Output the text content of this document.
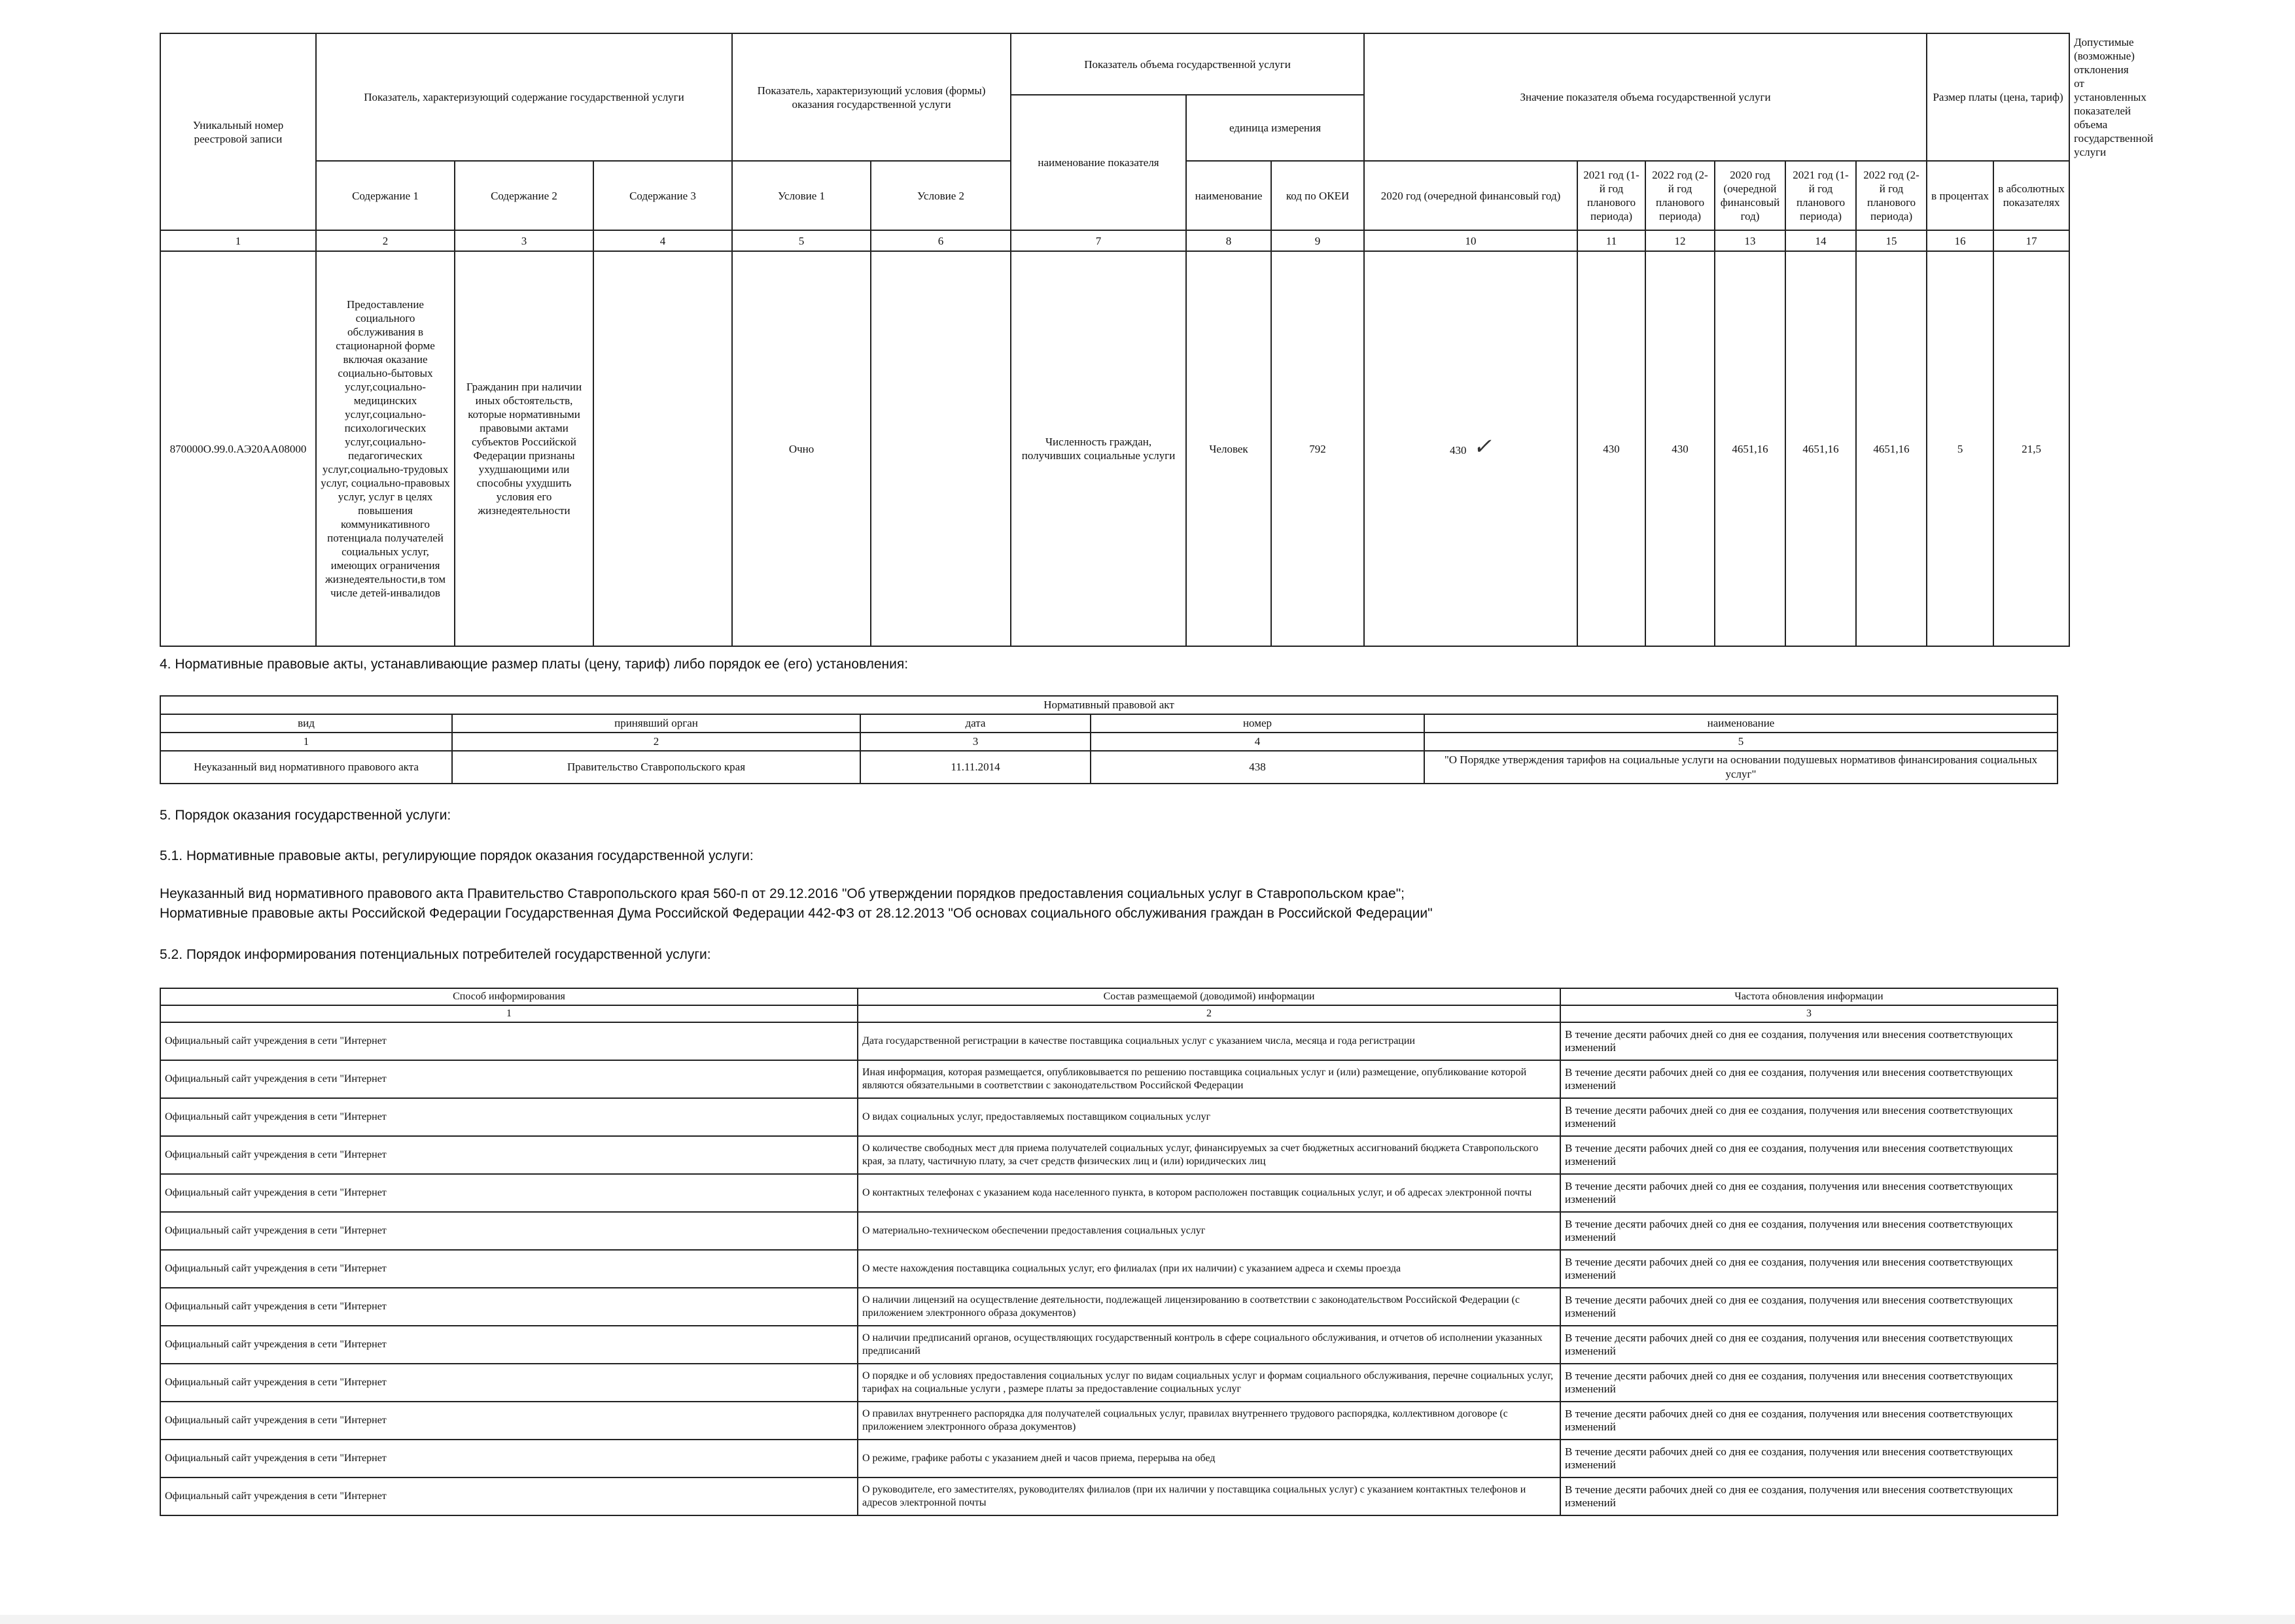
Уникальный номер реестровой записи	Показатель, характеризующий содержание государственной услуги			Показатель, характеризующий условия (формы) оказания государственной услуги		Показатель объема государственной услуги			Значение показателя объема государственной услуги						Размер платы (цена, тариф)		Допустимые (возможные) отклонения от установленных показателей объема государственной услуги
						наименование показателя	единица измерения										
	Содержание 1	Содержание 2	Содержание 3	Условие 1	Условие 2		наименование	код по ОКЕИ	2020 год (очередной финансовый год)	2021 год (1-й год планового периода)	2022 год (2-й год планового периода)	2020 год (очередной финансовый год)	2021 год (1-й год планового периода)	2022 год (2-й год планового периода)	в процентах	в абсолютных показателях	
1	2	3	4	5	6	7	8	9	10	11	12	13	14	15	16	17	
870000О.99.0.АЭ20АА08000	Предоставление социального обслуживания в стационарной форме включая оказание социально-бытовых услуг,социально-медицинских услуг,социально-психологических услуг,социально-педагогических услуг,социально-трудовых услуг, социально-правовых услуг, услуг в целях повышения коммуникативного потенциала получателей социальных услуг, имеющих ограничения жизнедеятельности,в том числе детей-инвалидов	Гражданин при наличии иных обстоятельств, которые нормативными правовыми актами субъектов Российской Федерации признаны ухудшающими или способны ухудшить условия его жизнедеятельности		Очно		Численность граждан, получивших социальные услуги	Человек	792	430 ✓	430	430	4651,16	4651,16	4651,16	5	21,5	
4. Нормативные правовые акты, устанавливающие размер платы (цену, тариф) либо порядок ее (его) установления:
Нормативный правовой акт				
вид	принявший орган	дата	номер	наименование
1	2	3	4	5
Неуказанный вид нормативного правового акта	Правительство Ставропольского края	11.11.2014	438	"О Порядке утверждения тарифов на социальные услуги на основании подушевых нормативов финансирования социальных услуг"
5. Порядок оказания государственной услуги:
5.1. Нормативные правовые акты, регулирующие порядок оказания государственной услуги:
Неуказанный вид нормативного правового акта Правительство Ставропольского края 560-п от 29.12.2016 "Об утверждении порядков предоставления социальных услуг в Ставропольском крае";
Нормативные правовые акты Российской Федерации Государственная Дума Российской Федерации 442-ФЗ от 28.12.2013 "Об основах социального обслуживания граждан в Российской Федерации"
5.2. Порядок информирования потенциальных потребителей государственной услуги:
Способ информирования	Состав размещаемой (доводимой) информации	Частота обновления информации
1	2	3
Официальный сайт учреждения в сети "Интернет	Дата государственной регистрации в качестве поставщика социальных услуг с указанием числа, месяца и года регистрации	В течение десяти рабочих дней со дня ее создания, получения или внесения соответствующих изменений
Официальный сайт учреждения в сети "Интернет	Иная информация, которая размещается, опубликовывается по решению поставщика социальных услуг и (или) размещение, опубликование которой являются обязательными в соответствии с законодательством Российской Федерации	В течение десяти рабочих дней со дня ее создания, получения или внесения соответствующих изменений
Официальный сайт учреждения в сети "Интернет	О видах социальных услуг, предоставляемых поставщиком социальных услуг	В течение десяти рабочих дней со дня ее создания, получения или внесения соответствующих изменений
Официальный сайт учреждения в сети "Интернет	О количестве свободных мест для приема получателей социальных услуг, финансируемых за счет бюджетных ассигнований бюджета Ставропольского края, за плату, частичную плату, за счет средств физических лиц и (или) юридических лиц	В течение десяти рабочих дней со дня ее создания, получения или внесения соответствующих изменений
Официальный сайт учреждения в сети "Интернет	О контактных телефонах с указанием кода населенного пункта, в котором расположен поставщик социальных услуг, и об адресах электронной почты	В течение десяти рабочих дней со дня ее создания, получения или внесения соответствующих изменений
Официальный сайт учреждения в сети "Интернет	О материально-техническом обеспечении предоставления социальных услуг	В течение десяти рабочих дней со дня ее создания, получения или внесения соответствующих изменений
Официальный сайт учреждения в сети "Интернет	О месте нахождения поставщика социальных услуг, его филиалах (при их наличии) с указанием адреса и схемы проезда	В течение десяти рабочих дней со дня ее создания, получения или внесения соответствующих изменений
Официальный сайт учреждения в сети "Интернет	О наличии лицензий на осуществление деятельности, подлежащей лицензированию в соответствии с законодательством Российской Федерации (с приложением электронного образа документов)	В течение десяти рабочих дней со дня ее создания, получения или внесения соответствующих изменений
Официальный сайт учреждения в сети "Интернет	О наличии предписаний органов, осуществляющих государственный контроль в сфере социального обслуживания, и отчетов об исполнении указанных предписаний	В течение десяти рабочих дней со дня ее создания, получения или внесения соответствующих изменений
Официальный сайт учреждения в сети "Интернет	О порядке и об условиях предоставления социальных услуг по видам социальных услуг и формам социального обслуживания, перечне социальных услуг, тарифах на социальные услуги , размере платы за предоставление социальных услуг	В течение десяти рабочих дней со дня ее создания, получения или внесения соответствующих изменений
Официальный сайт учреждения в сети "Интернет	О правилах внутреннего распорядка для получателей социальных услуг, правилах внутреннего трудового распорядка, коллективном договоре (с приложением электронного образа документов)	В течение десяти рабочих дней со дня ее создания, получения или внесения соответствующих изменений
Официальный сайт учреждения в сети "Интернет	О режиме, графике работы с указанием дней и часов приема, перерыва на обед	В течение десяти рабочих дней со дня ее создания, получения или внесения соответствующих изменений
Официальный сайт учреждения в сети "Интернет	О руководителе, его заместителях, руководителях филиалов (при их наличии у поставщика социальных услуг) с указанием контактных телефонов и адресов электронной почты	В течение десяти рабочих дней со дня ее создания, получения или внесения соответствующих изменений
